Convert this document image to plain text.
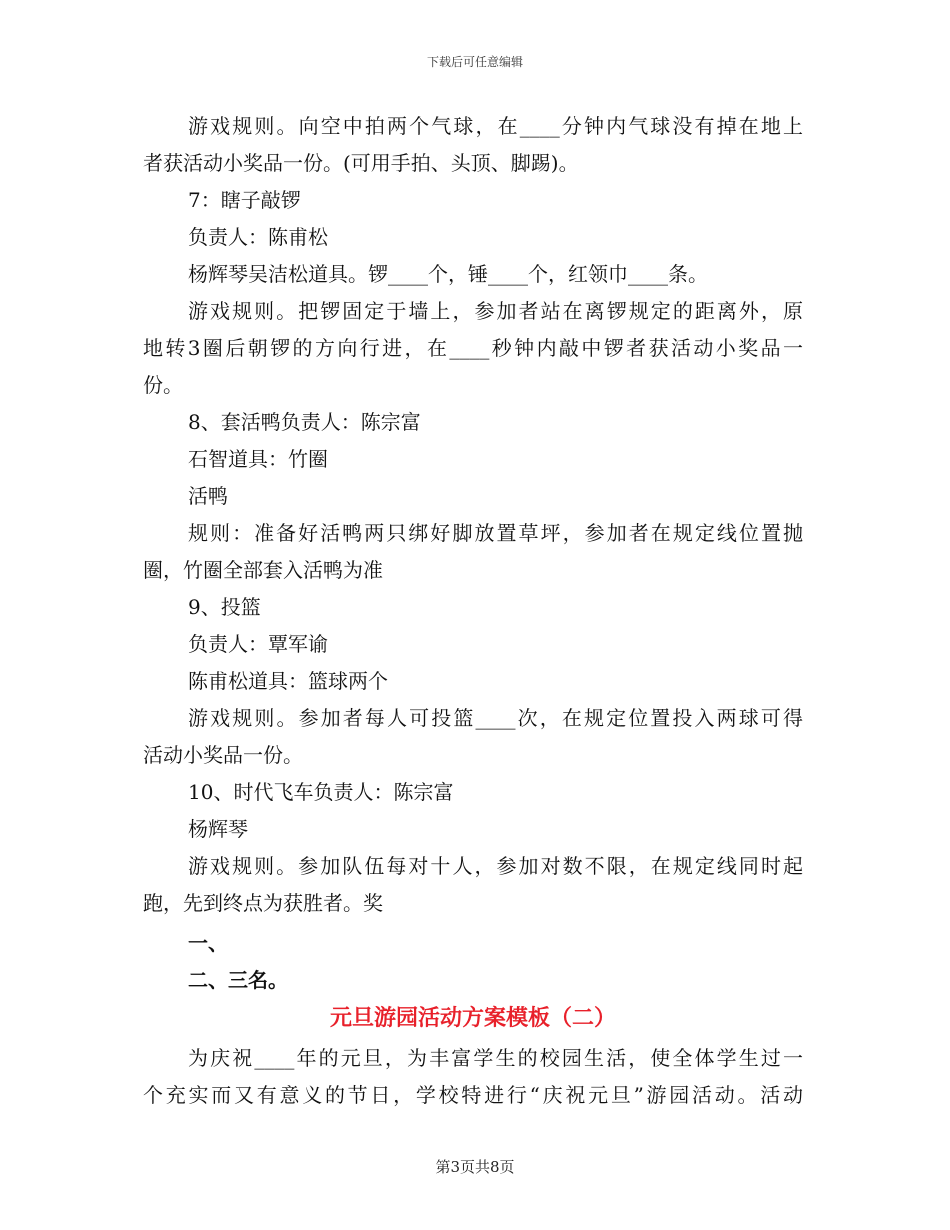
下载后可任意编辑
游戏规则。向空中拍两个气球，在____分钟内气球没有掉在地上
者获活动小奖品一份。(可用手拍、头顶、脚踢)。
7：瞎子敲锣
负责人：陈甫松
杨辉琴吴洁松道具。锣____个，锤____个，红领巾____条。
游戏规则。把锣固定于墙上，参加者站在离锣规定的距离外，原
地转3圈后朝锣的方向行进，在____秒钟内敲中锣者获活动小奖品一
份。
8、套活鸭负责人：陈宗富
石智道具：竹圈
活鸭
规则：准备好活鸭两只绑好脚放置草坪，参加者在规定线位置抛
圈，竹圈全部套入活鸭为准
9、投篮
负责人：覃军谕
陈甫松道具：篮球两个
游戏规则。参加者每人可投篮____次，在规定位置投入两球可得
活动小奖品一份。
10、时代飞车负责人：陈宗富
杨辉琴
游戏规则。参加队伍每对十人，参加对数不限，在规定线同时起
跑，先到终点为获胜者。奖
一、
二、三名。
元旦游园活动方案模板（二）
为庆祝____年的元旦，为丰富学生的校园生活，使全体学生过一
个充实而又有意义的节日，学校特进行“庆祝元旦”游园活动。活动
第3页共8页
